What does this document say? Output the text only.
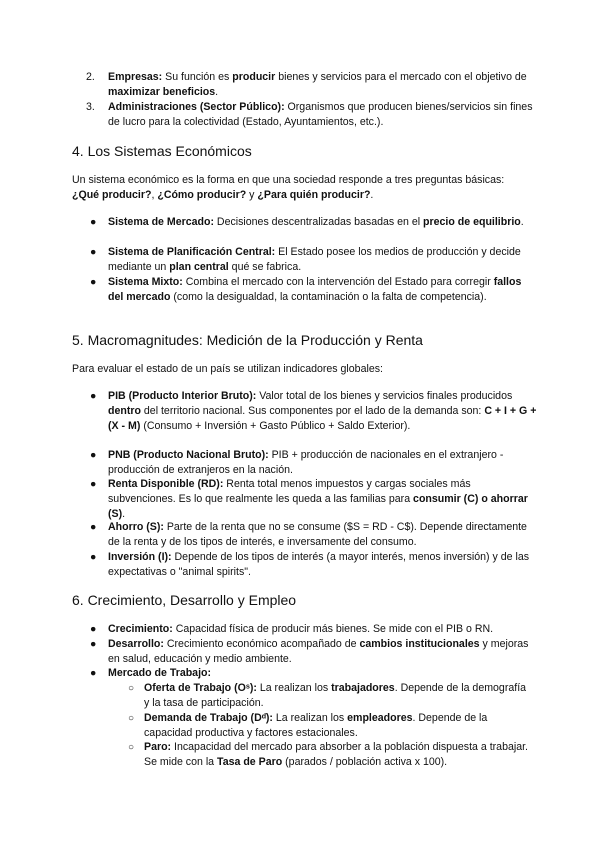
2. Empresas: Su función es producir bienes y servicios para el mercado con el objetivo de maximizar beneficios.

3. Administraciones (Sector Público): Organismos que producen bienes/servicios sin fines de lucro para la colectividad (Estado, Ayuntamientos, etc.).

4. Los Sistemas Económicos

Un sistema económico es la forma en que una sociedad responde a tres preguntas básicas: ¿Qué producir?, ¿Cómo producir? y ¿Para quién producir?.

● Sistema de Mercado: Decisiones descentralizadas basadas en el precio de equilibrio.

● Sistema de Planificación Central: El Estado posee los medios de producción y decide mediante un plan central qué se fabrica.

● Sistema Mixto: Combina el mercado con la intervención del Estado para corregir fallos del mercado (como la desigualdad, la contaminación o la falta de competencia).

5. Macromagnitudes: Medición de la Producción y Renta

Para evaluar el estado de un país se utilizan indicadores globales:

● PIB (Producto Interior Bruto): Valor total de los bienes y servicios finales producidos dentro del territorio nacional. Sus componentes por el lado de la demanda son: C + I + G + (X - M) (Consumo + Inversión + Gasto Público + Saldo Exterior).

● PNB (Producto Nacional Bruto): PIB + producción de nacionales en el extranjero - producción de extranjeros en la nación.

● Renta Disponible (RD): Renta total menos impuestos y cargas sociales más subvenciones. Es lo que realmente les queda a las familias para consumir (C) o ahorrar (S).

● Ahorro (S): Parte de la renta que no se consume ($S = RD - C$). Depende directamente de la renta y de los tipos de interés, e inversamente del consumo.

● Inversión (I): Depende de los tipos de interés (a mayor interés, menos inversión) y de las expectativas o "animal spirits".

6. Crecimiento, Desarrollo y Empleo
● Crecimiento: Capacidad física de producir más bienes. Se mide con el PIB o RN.

● Desarrollo: Crecimiento económico acompañado de cambios institucionales y mejoras en salud, educación y medio ambiente.

● Mercado de Trabajo:

○ Oferta de Trabajo (Oˢ): La realizan los trabajadores. Depende de la demografía y la tasa de participación.

○ Demanda de Trabajo (Dᵈ): La realizan los empleadores. Depende de la capacidad productiva y factores estacionales.

○ Paro: Incapacidad del mercado para absorber a la población dispuesta a trabajar. Se mide con la Tasa de Paro (parados / población activa x 100).
